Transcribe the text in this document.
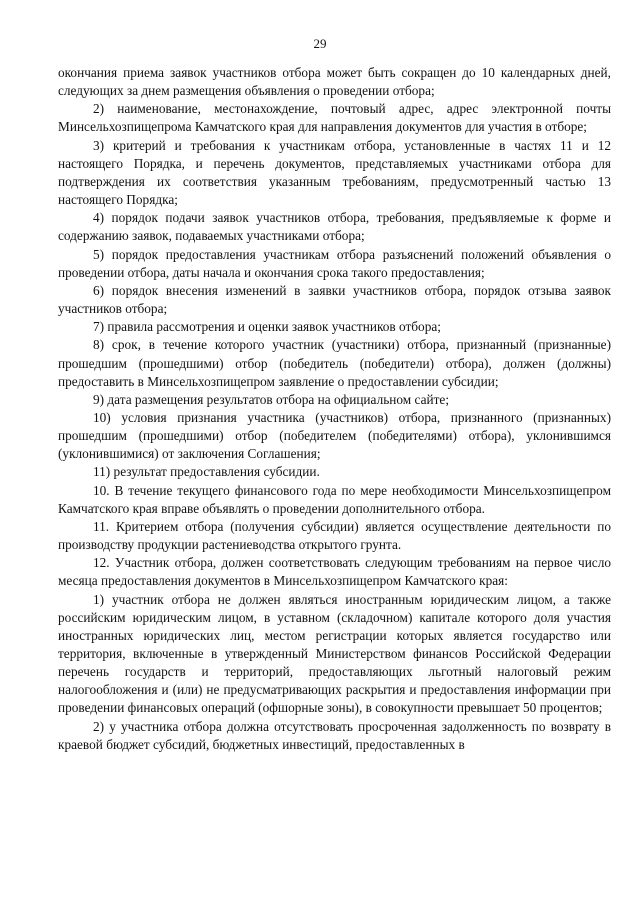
29

окончания приема заявок участников отбора может быть сокращен до 10 календарных дней, следующих за днем размещения объявления о проведении отбора;

2) наименование, местонахождение, почтовый адрес, адрес электронной почты Минсельхозпищепрома Камчатского края для направления документов для участия в отборе;

3) критерий и требования к участникам отбора, установленные в частях 11 и 12 настоящего Порядка, и перечень документов, представляемых участниками отбора для подтверждения их соответствия указанным требованиям, предусмотренный частью 13 настоящего Порядка;

4) порядок подачи заявок участников отбора, требования, предъявляемые к форме и содержанию заявок, подаваемых участниками отбора;

5) порядок предоставления участникам отбора разъяснений положений объявления о проведении отбора, даты начала и окончания срока такого предоставления;

6) порядок внесения изменений в заявки участников отбора, порядок отзыва заявок участников отбора;

7) правила рассмотрения и оценки заявок участников отбора;

8) срок, в течение которого участник (участники) отбора, признанный (признанные) прошедшим (прошедшими) отбор (победитель (победители) отбора), должен (должны) предоставить в Минсельхозпищепром заявление о предоставлении субсидии;

9) дата размещения результатов отбора на официальном сайте;

10) условия признания участника (участников) отбора, признанного (признанных) прошедшим (прошедшими) отбор (победителем (победителями) отбора), уклонившимся (уклонившимися) от заключения Соглашения;

11) результат предоставления субсидии.

10. В течение текущего финансового года по мере необходимости Минсельхозпищепром Камчатского края вправе объявлять о проведении дополнительного отбора.

11. Критерием отбора (получения субсидии) является осуществление деятельности по производству продукции растениеводства открытого грунта.

12. Участник отбора, должен соответствовать следующим требованиям на первое число месяца предоставления документов в Минсельхозпищепром Камчатского края:

1) участник отбора не должен являться иностранным юридическим лицом, а также российским юридическим лицом, в уставном (складочном) капитале которого доля участия иностранных юридических лиц, местом регистрации которых является государство или территория, включенные в утвержденный Министерством финансов Российской Федерации перечень государств и территорий, предоставляющих льготный налоговый режим налогообложения и (или) не предусматривающих раскрытия и предоставления информации при проведении финансовых операций (офшорные зоны), в совокупности превышает 50 процентов;

2) у участника отбора должна отсутствовать просроченная задолженность по возврату в краевой бюджет субсидий, бюджетных инвестиций, предоставленных в
